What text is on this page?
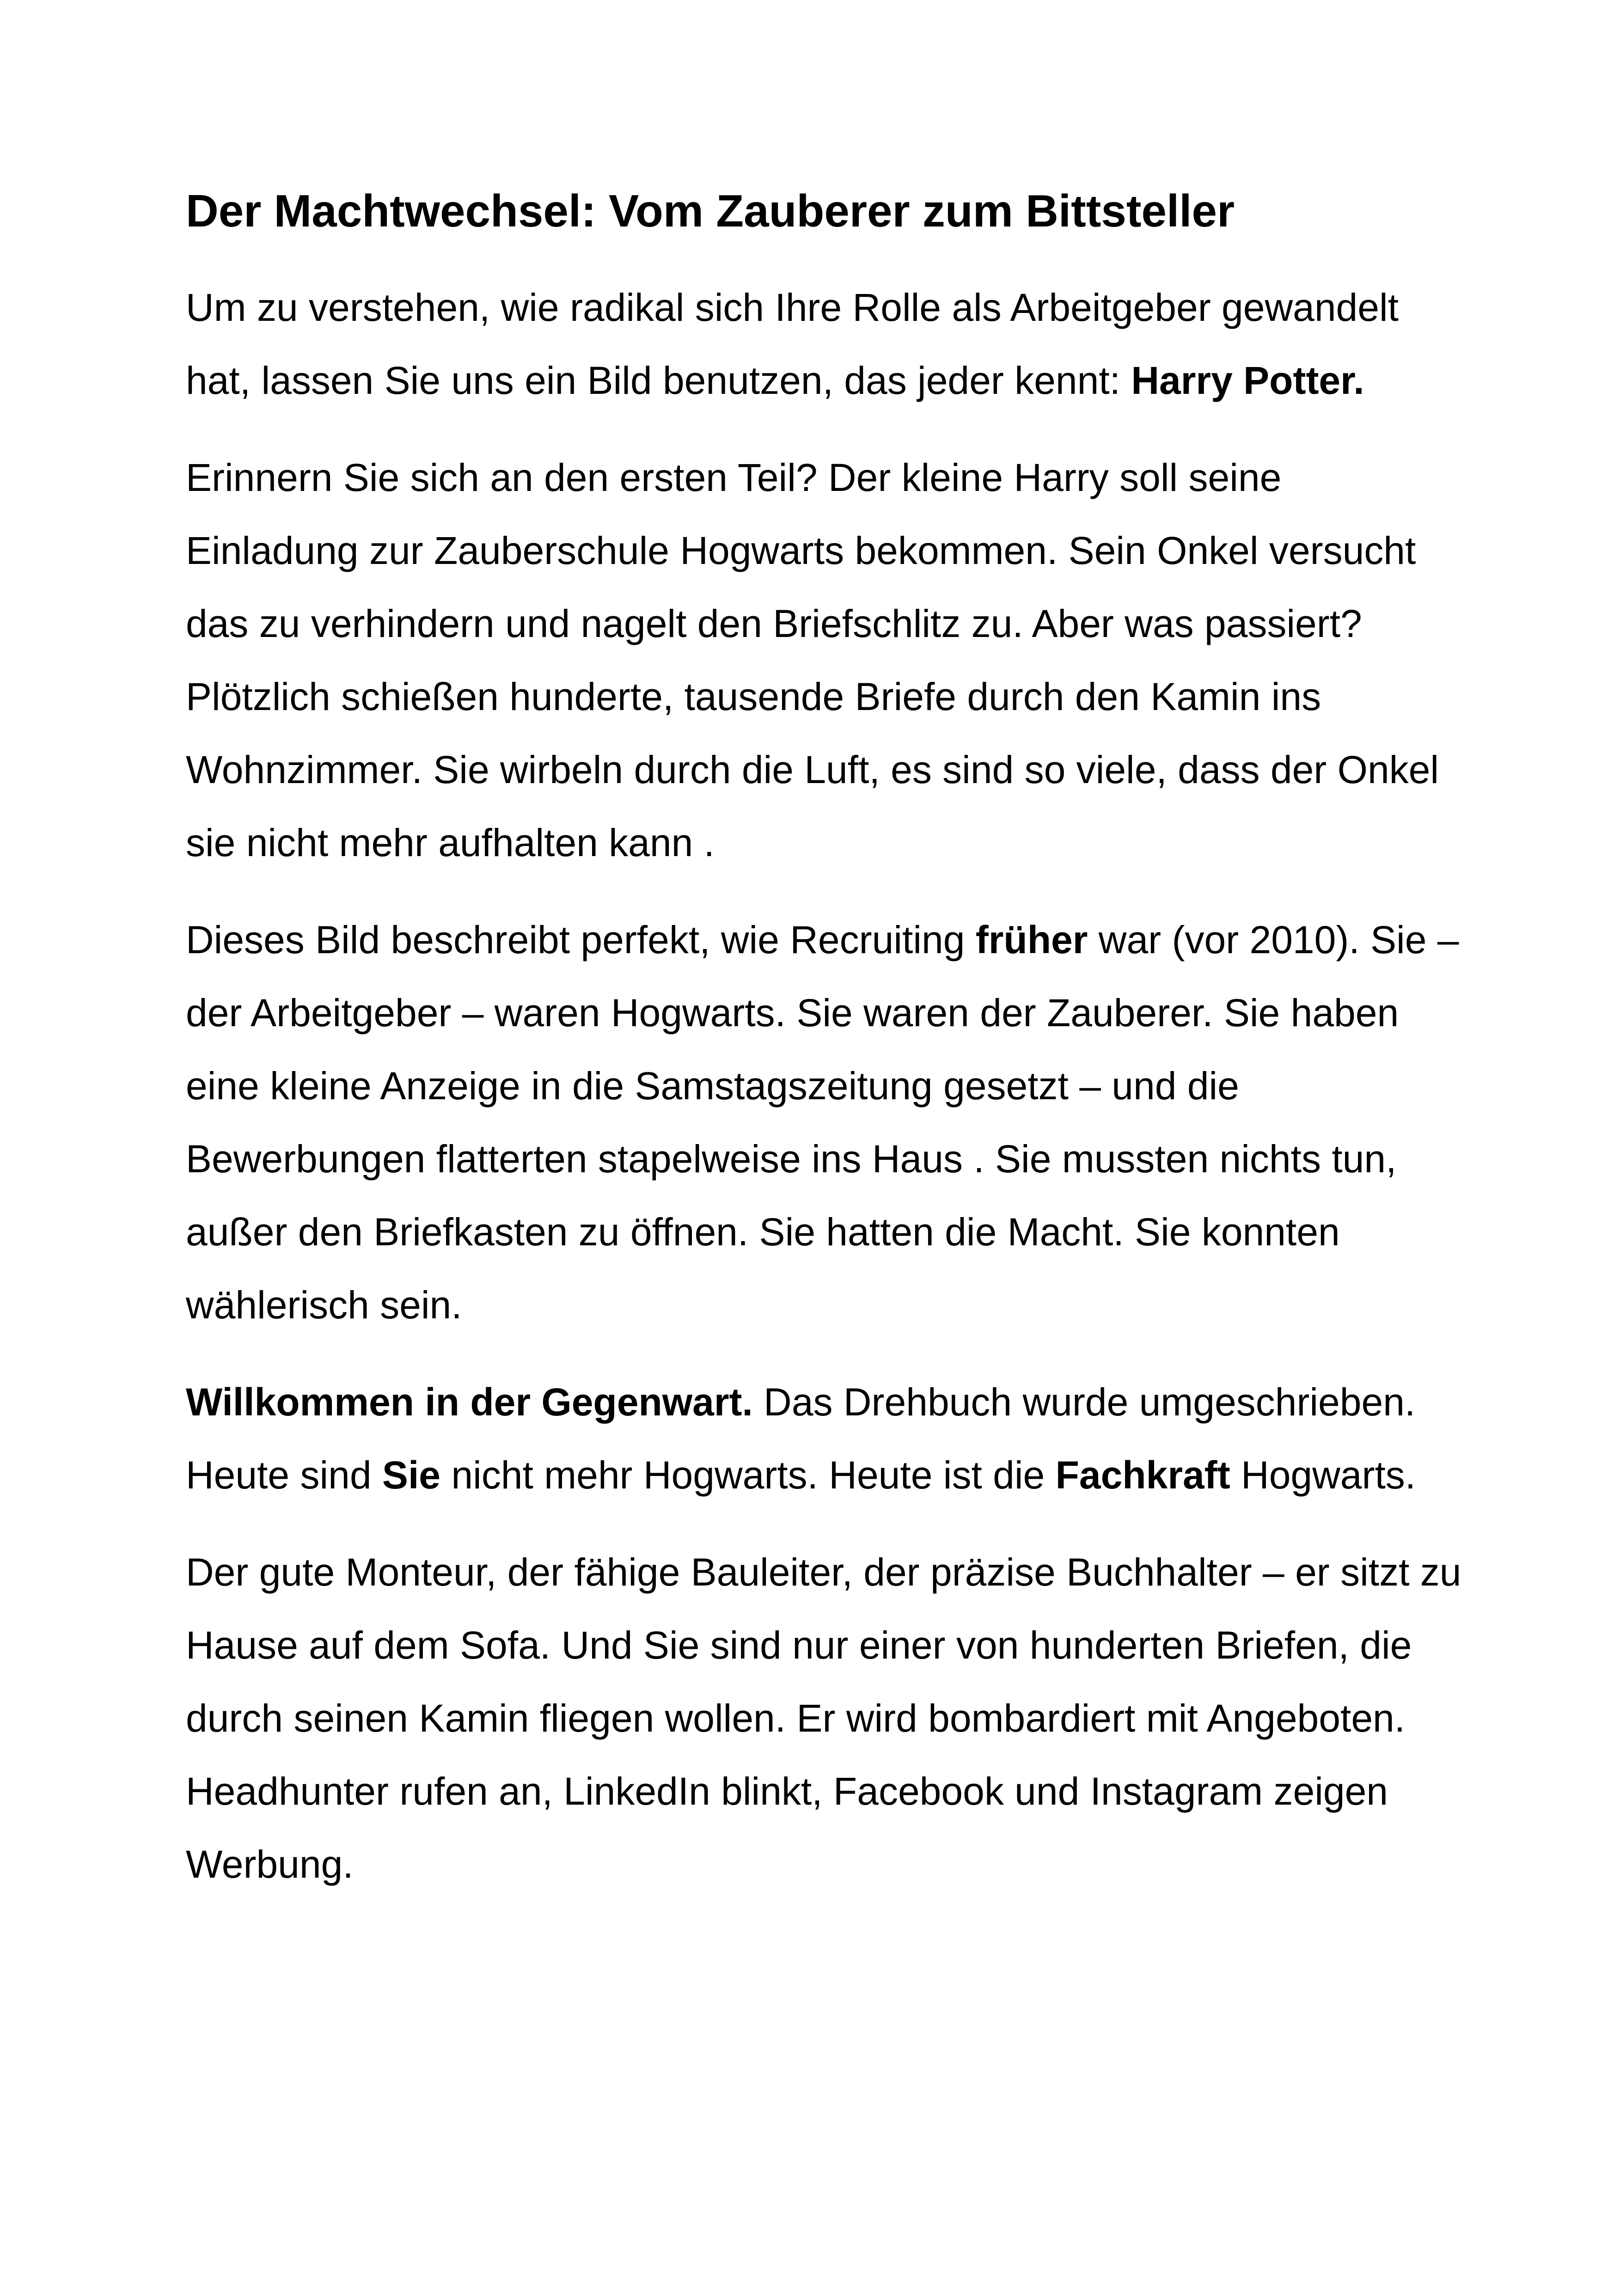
Der Machtwechsel: Vom Zauberer zum Bittsteller

Um zu verstehen, wie radikal sich Ihre Rolle als Arbeitgeber gewandelt hat, lassen Sie uns ein Bild benutzen, das jeder kennt: Harry Potter.

Erinnern Sie sich an den ersten Teil? Der kleine Harry soll seine Einladung zur Zauberschule Hogwarts bekommen. Sein Onkel versucht das zu verhindern und nagelt den Briefschlitz zu. Aber was passiert? Plötzlich schießen hunderte, tausende Briefe durch den Kamin ins Wohnzimmer. Sie wirbeln durch die Luft, es sind so viele, dass der Onkel sie nicht mehr aufhalten kann .

Dieses Bild beschreibt perfekt, wie Recruiting früher war (vor 2010). Sie – der Arbeitgeber – waren Hogwarts. Sie waren der Zauberer. Sie haben eine kleine Anzeige in die Samstagszeitung gesetzt – und die Bewerbungen flatterten stapelweise ins Haus . Sie mussten nichts tun, außer den Briefkasten zu öffnen. Sie hatten die Macht. Sie konnten wählerisch sein.

Willkommen in der Gegenwart. Das Drehbuch wurde umgeschrieben. Heute sind Sie nicht mehr Hogwarts. Heute ist die Fachkraft Hogwarts.

Der gute Monteur, der fähige Bauleiter, der präzise Buchhalter – er sitzt zu Hause auf dem Sofa. Und Sie sind nur einer von hunderten Briefen, die durch seinen Kamin fliegen wollen. Er wird bombardiert mit Angeboten. Headhunter rufen an, LinkedIn blinkt, Facebook und Instagram zeigen Werbung.
